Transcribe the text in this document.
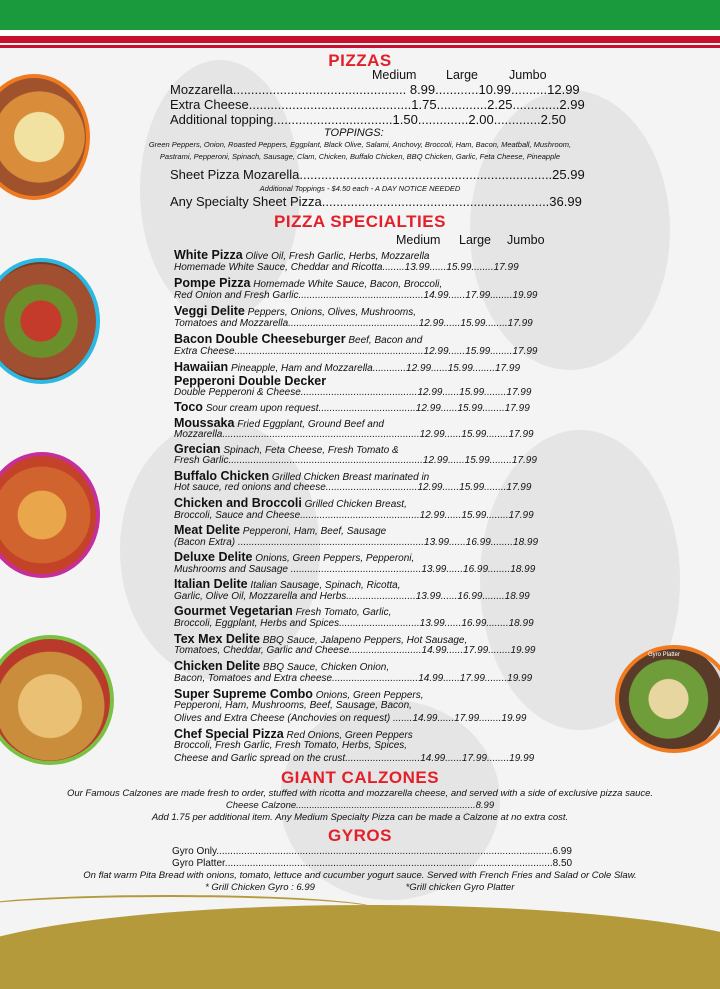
Gyro Platter
PIZZAS
Medium Large Jumbo
Mozzarella................................................ 8.99............10.99..........12.99
Extra Cheese.............................................1.75..............2.25.............2.99
Additional topping.................................1.50..............2.00.............2.50
TOPPINGS:
Green Peppers, Onion, Roasted Peppers, Eggplant, Black Olive, Salami, Anchovy, Broccoli, Ham, Bacon, Meatball, Mushroom,
Pastrami, Pepperoni, Spinach, Sausage, Clam, Chicken, Buffalo Chicken, BBQ Chicken, Garlic, Feta Cheese, Pineapple
Sheet Pizza Mozarella......................................................................25.99
Additional Toppings - $4.50 each - A DAY NOTICE NEEDED
Any Specialty Sheet Pizza...............................................................36.99
PIZZA SPECIALTIES
Medium Large Jumbo
White Pizza Olive Oil, Fresh Garlic, Herbs, Mozzarella
Homemade White Sauce, Cheddar and Ricotta........13.99......15.99........17.99
Pompe Pizza Homemade White Sauce, Bacon, Broccoli,
Red Onion and Fresh Garlic.............................................14.99......17.99........19.99
Veggi Delite Peppers, Onions, Olives, Mushrooms,
Tomatoes and Mozzarella...............................................12.99......15.99........17.99
Bacon Double Cheeseburger Beef, Bacon and
Extra Cheese....................................................................12.99......15.99........17.99
Hawaiian Pineapple, Ham and Mozzarella............12.99......15.99........17.99
Pepperoni Double Decker
Double Pepperoni & Cheese..........................................12.99......15.99........17.99
Toco Sour cream upon request...................................12.99......15.99........17.99
Moussaka Fried Eggplant, Ground Beef and
Mozzarella.......................................................................12.99......15.99........17.99
Grecian Spinach, Feta Cheese, Fresh Tomato &
Fresh Garlic......................................................................12.99......15.99........17.99
Buffalo Chicken Grilled Chicken Breast marinated in
Hot sauce, red onions and cheese.................................12.99......15.99........17.99
Chicken and Broccoli Grilled Chicken Breast,
Broccoli, Sauce and Cheese...........................................12.99......15.99........17.99
Meat Delite Pepperoni, Ham, Beef, Sausage
(Bacon Extra) ...................................................................13.99......16.99........18.99
Deluxe Delite Onions, Green Peppers, Pepperoni,
Mushrooms and Sausage ...............................................13.99......16.99........18.99
Italian Delite Italian Sausage, Spinach, Ricotta,
Garlic, Olive Oil, Mozzarella and Herbs.........................13.99......16.99........18.99
Gourmet Vegetarian Fresh Tomato, Garlic,
Broccoli, Eggplant, Herbs and Spices.............................13.99......16.99........18.99
Tex Mex Delite BBQ Sauce, Jalapeno Peppers, Hot Sausage,
Tomatoes, Cheddar, Garlic and Cheese..........................14.99......17.99........19.99
Chicken Delite BBQ Sauce, Chicken Onion,
Bacon, Tomatoes and Extra cheese...............................14.99......17.99........19.99
Super Supreme Combo Onions, Green Peppers,
Pepperoni, Ham, Mushrooms, Beef, Sausage, Bacon,
Olives and Extra Cheese (Anchovies on request) .......14.99......17.99........19.99
Chef Special Pizza Red Onions, Green Peppers
Broccoli, Fresh Garlic, Fresh Tomato, Herbs, Spices,
Cheese and Garlic spread on the crust...........................14.99......17.99........19.99
GIANT CALZONES
Our Famous Calzones are made fresh to order, stuffed with ricotta and mozzarella cheese, and served with a side of exclusive pizza sauce.
Cheese Calzone....................................................................8.99
Add 1.75 per additional item. Any Medium Specialty Pizza can be made a Calzone at no extra cost.
GYROS
Gyro Only.........................................................................................................................6.99
Gyro Platter......................................................................................................................8.50
On flat warm Pita Bread with onions, tomato, lettuce and cucumber yogurt sauce. Served with French Fries and Salad or Cole Slaw.
* Grill Chicken Gyro : 6.99	*Grill chicken Gyro Platter
